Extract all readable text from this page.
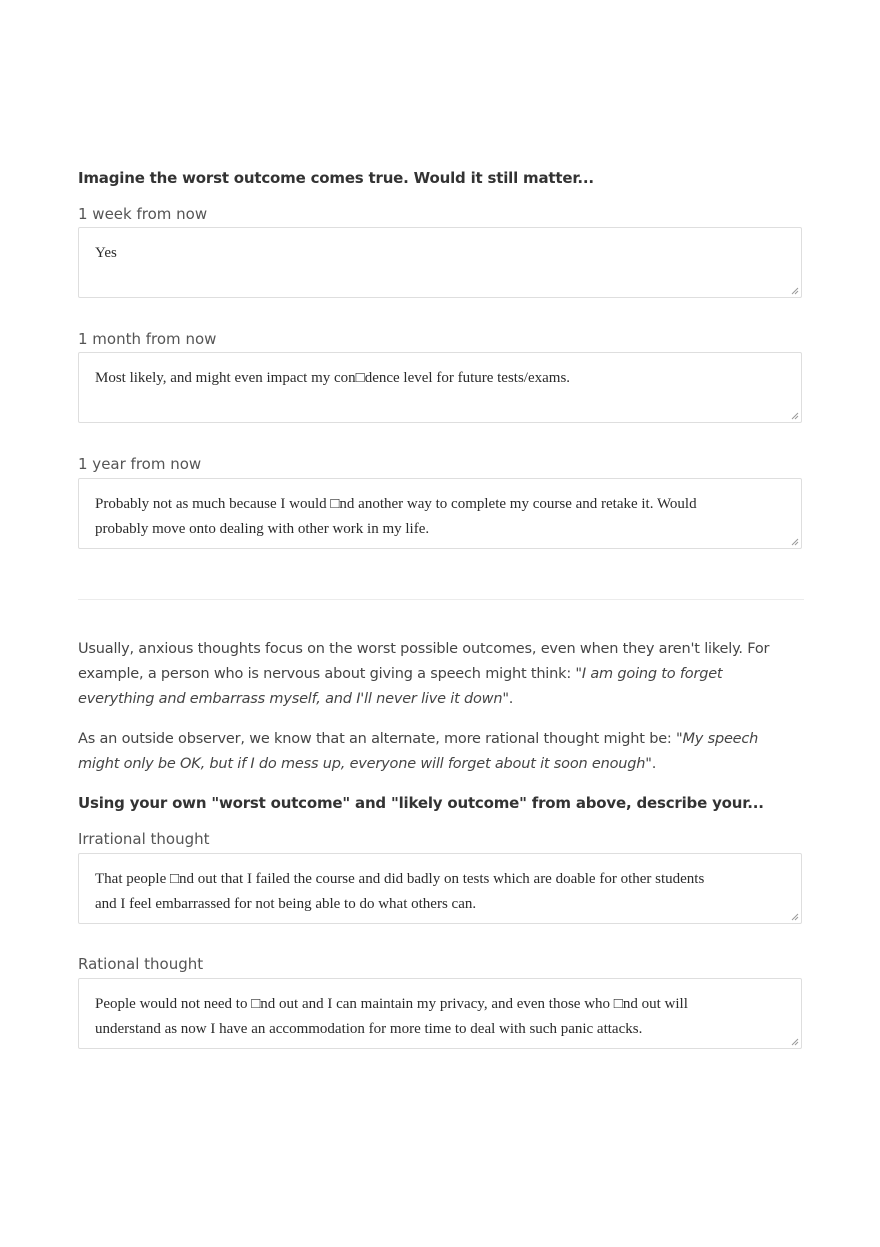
Imagine the worst outcome comes true. Would it still matter...
1 week from now
Yes
1 month from now
Most likely, and might even impact my con□dence level for future tests/exams.
1 year from now
Probably not as much because I would □nd another way to complete my course and retake it. Would probably move onto dealing with other work in my life.
Usually, anxious thoughts focus on the worst possible outcomes, even when they aren't likely. For example, a person who is nervous about giving a speech might think: "I am going to forget everything and embarrass myself, and I'll never live it down".
As an outside observer, we know that an alternate, more rational thought might be: "My speech might only be OK, but if I do mess up, everyone will forget about it soon enough".
Using your own "worst outcome" and "likely outcome" from above, describe your...
Irrational thought
That people □nd out that I failed the course and did badly on tests which are doable for other students and I feel embarrassed for not being able to do what others can.
Rational thought
People would not need to □nd out and I can maintain my privacy, and even those who □nd out will understand as now I have an accommodation for more time to deal with such panic attacks.
